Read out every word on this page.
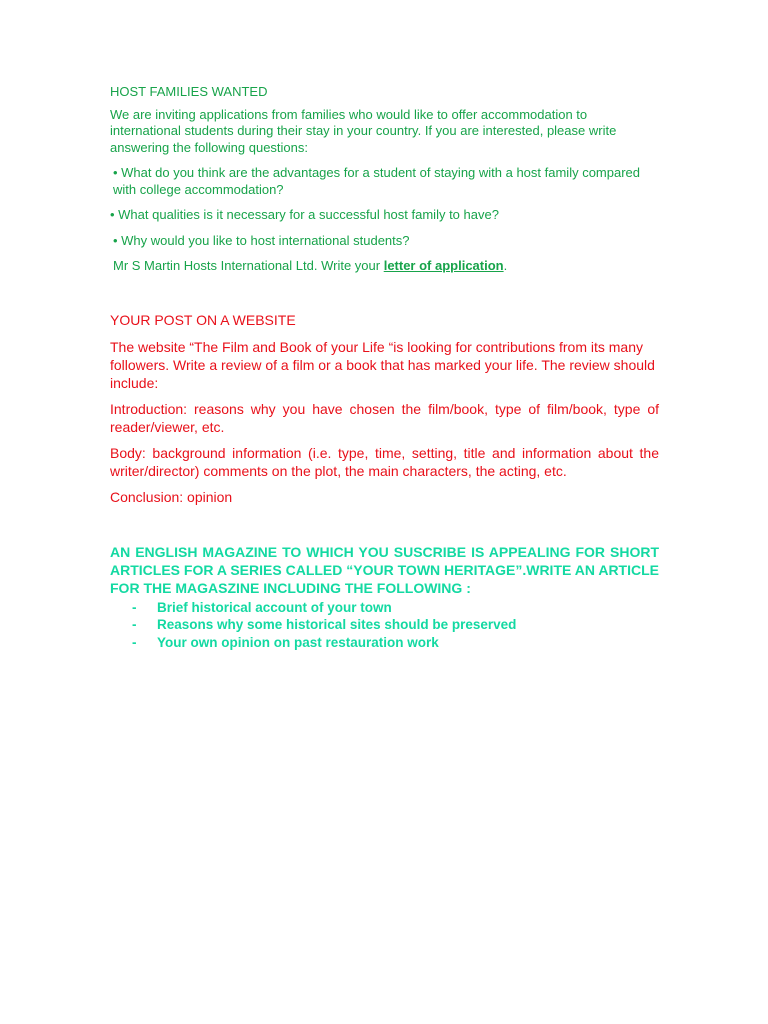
HOST FAMILIES WANTED

We are inviting applications from families who would like to offer accommodation to international students during their stay in your country. If you are interested, please write answering the following questions:

• What do you think are the advantages for a student of staying with a host family compared with college accommodation?

• What qualities is it necessary for a successful host family to have?

• Why would you like to host international students?

Mr S Martin Hosts International Ltd. Write your letter of application.

YOUR POST ON A WEBSITE

The website “The Film and Book of your Life “is looking for contributions from its many followers. Write a review of a film or a book that has marked your life. The review should include:

Introduction: reasons why you have chosen the film/book, type of film/book, type of reader/viewer, etc.

Body: background information (i.e. type, time, setting, title and information about the writer/director) comments on the plot, the main characters, the acting, etc.

Conclusion: opinion

AN ENGLISH MAGAZINE TO WHICH YOU SUSCRIBE IS APPEALING FOR SHORT ARTICLES FOR A SERIES CALLED “YOUR TOWN HERITAGE”.WRITE AN ARTICLE FOR THE MAGASZINE INCLUDING THE FOLLOWING :

- Brief historical account of your town
- Reasons why some historical sites should be preserved
- Your own opinion on past restauration work
